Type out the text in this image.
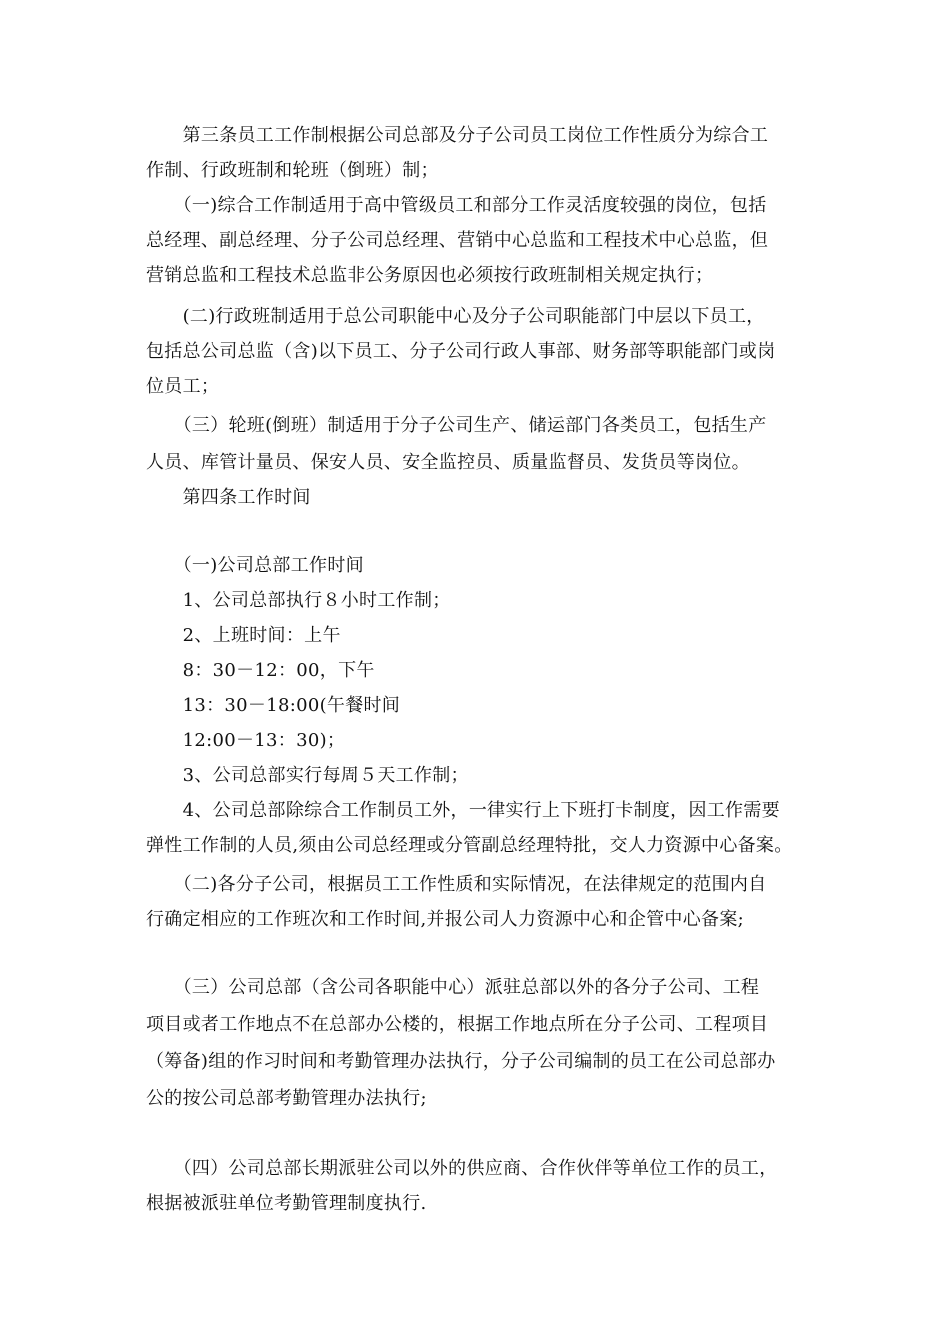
　　第三条员工工作制根据公司总部及分子公司员工岗位工作性质分为综合工
作制、行政班制和轮班（倒班）制；
　　（一)综合工作制适用于高中管级员工和部分工作灵活度较强的岗位，包括
总经理、副总经理、分子公司总经理、营销中心总监和工程技术中心总监，但
营销总监和工程技术总监非公务原因也必须按行政班制相关规定执行；
　　(二)行政班制适用于总公司职能中心及分子公司职能部门中层以下员工，
包括总公司总监（含)以下员工、分子公司行政人事部、财务部等职能部门或岗
位员工；
　　（三）轮班(倒班）制适用于分子公司生产、储运部门各类员工，包括生产
人员、库管计量员、保安人员、安全监控员、质量监督员、发货员等岗位。
　　第四条工作时间
　　（一)公司总部工作时间
　　1、公司总部执行８小时工作制；
　　2、上班时间：上午
　　8：30－12：00，下午
　　13：30－18:00(午餐时间
　　12:00－13：30)；
　　3、公司总部实行每周５天工作制；
　　4、公司总部除综合工作制员工外，一律实行上下班打卡制度，因工作需要
弹性工作制的人员,须由公司总经理或分管副总经理特批，交人力资源中心备案。
　　（二)各分子公司，根据员工工作性质和实际情况，在法律规定的范围内自
行确定相应的工作班次和工作时间,并报公司人力资源中心和企管中心备案;
　　（三）公司总部（含公司各职能中心）派驻总部以外的各分子公司、工程
项目或者工作地点不在总部办公楼的，根据工作地点所在分子公司、工程项目
（筹备)组的作习时间和考勤管理办法执行，分子公司编制的员工在公司总部办
公的按公司总部考勤管理办法执行;
　　（四）公司总部长期派驻公司以外的供应商、合作伙伴等单位工作的员工，
根据被派驻单位考勤管理制度执行.
